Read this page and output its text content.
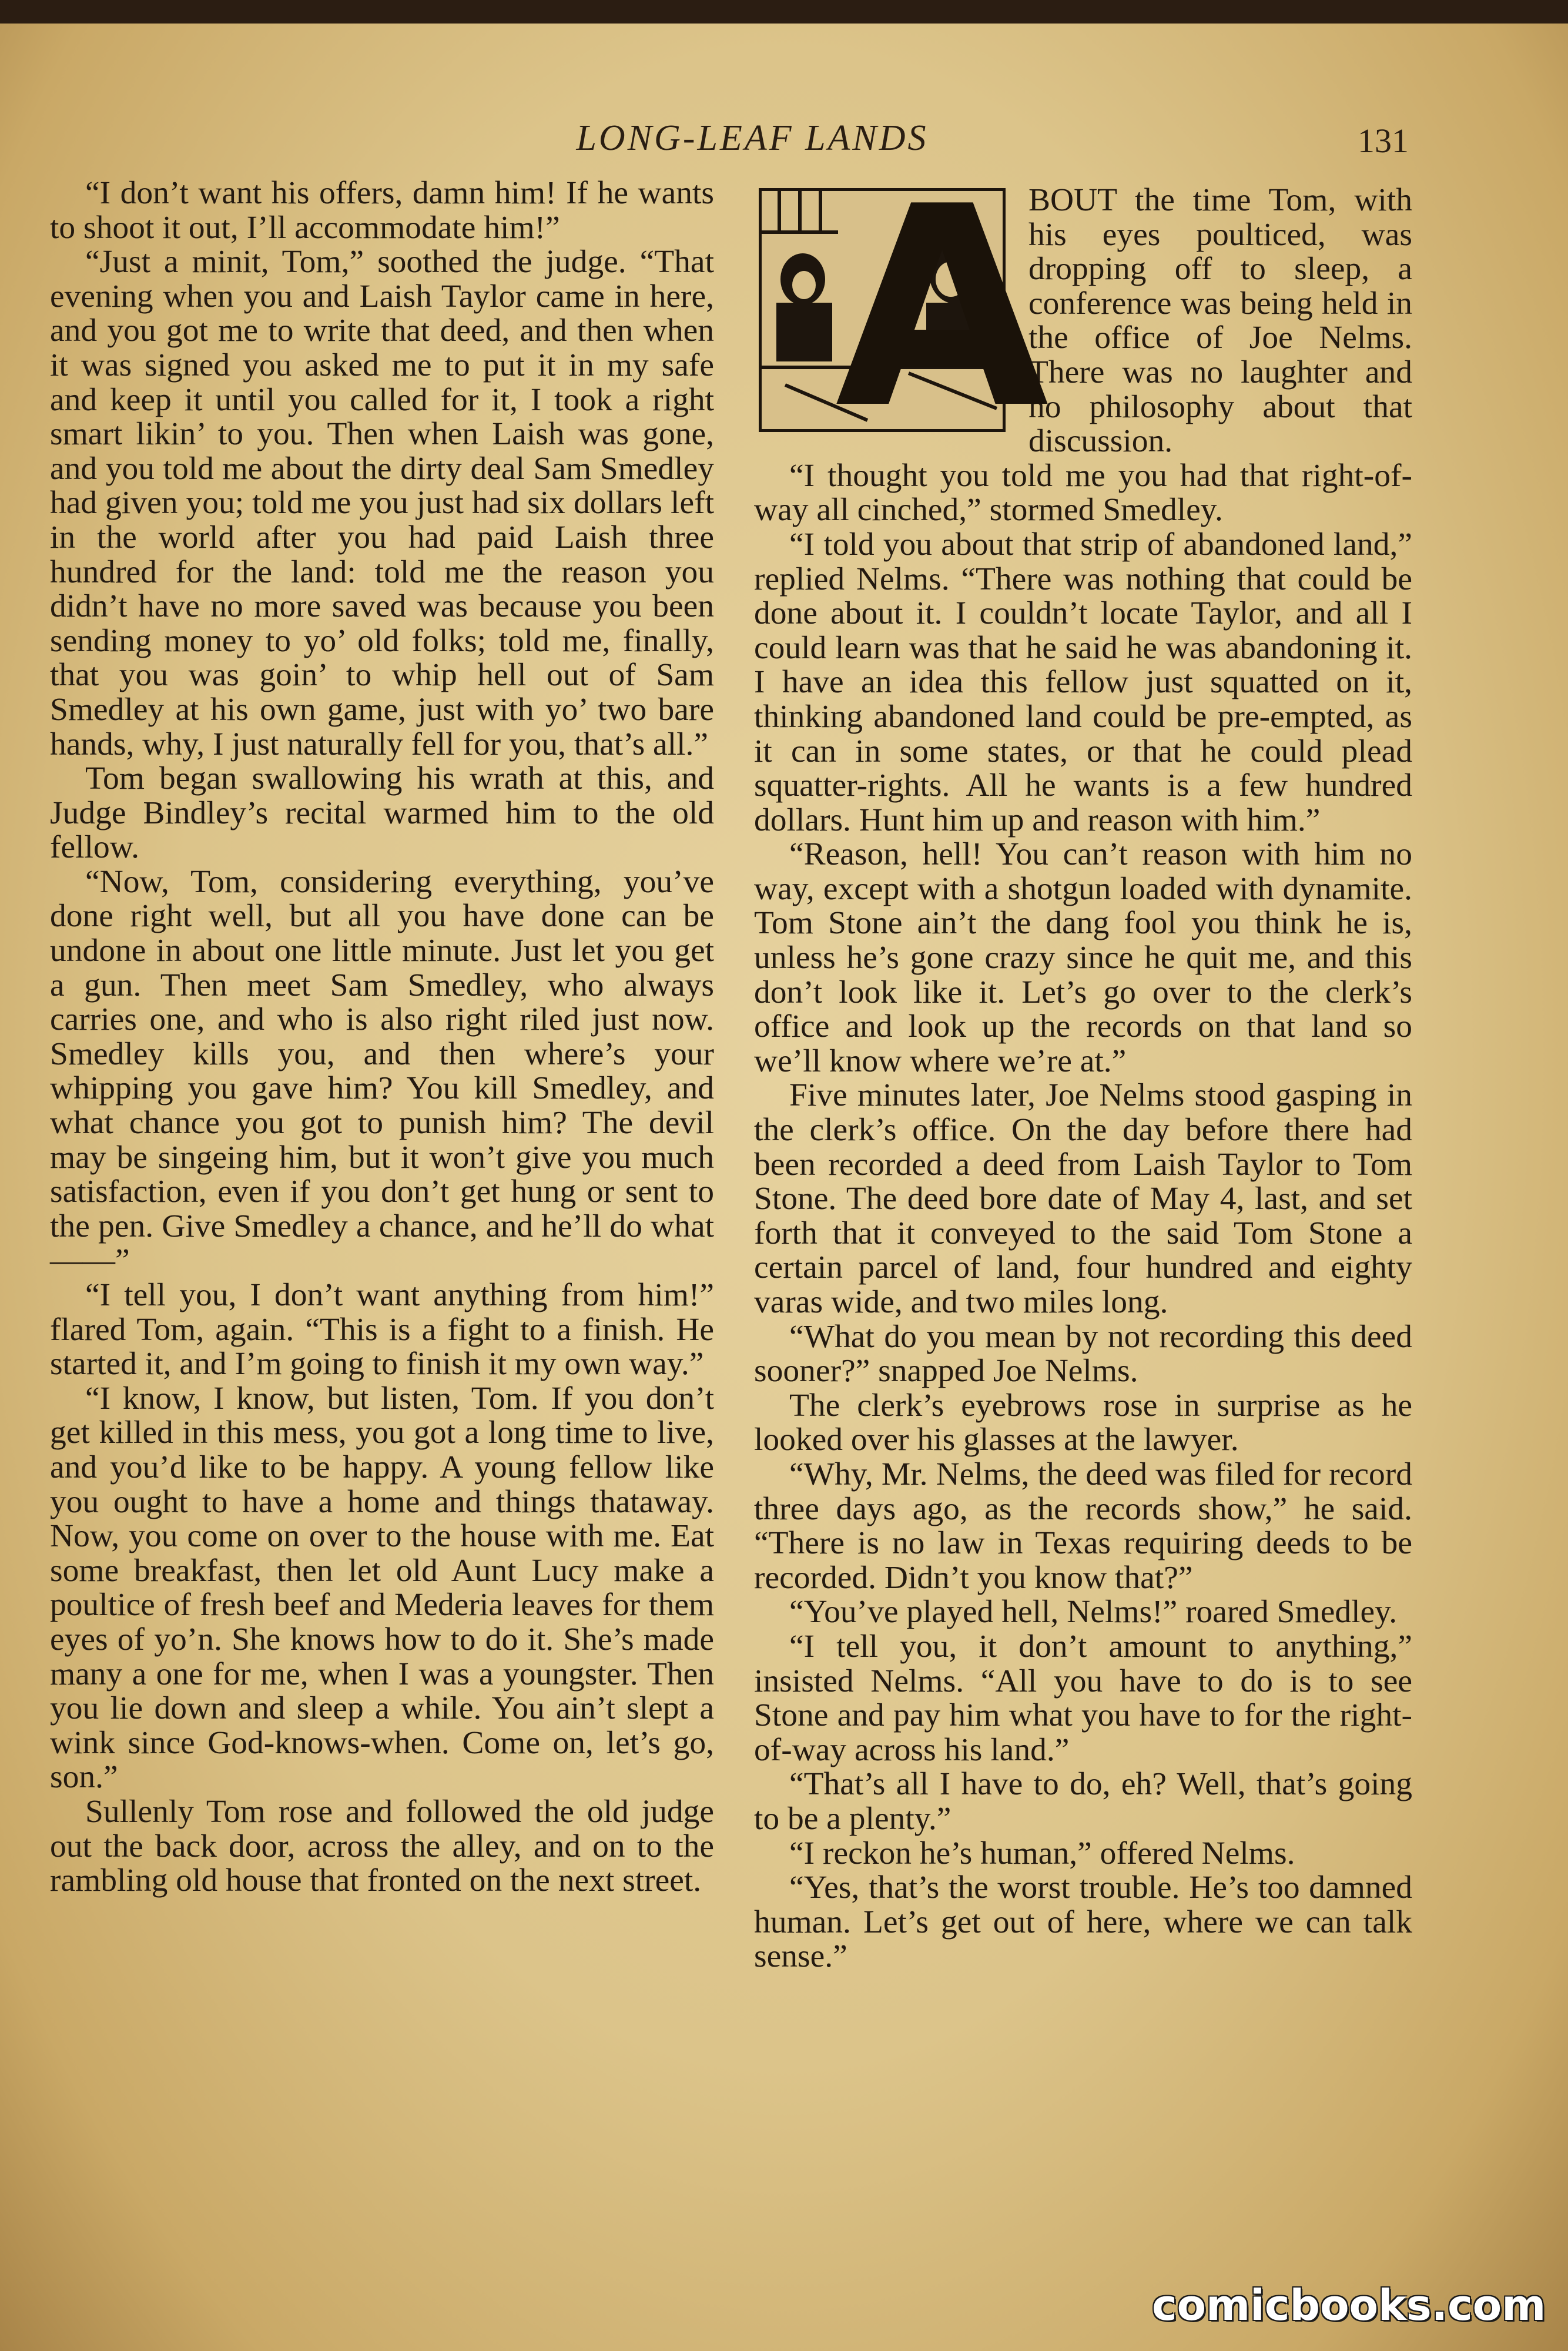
LONG-LEAF LANDS	131

“I don’t want his offers, damn him! If he wants to shoot it out, I’ll accommodate him!”

“Just a minit, Tom,” soothed the judge. “That evening when you and Laish Taylor came in here, and you got me to write that deed, and then when it was signed you asked me to put it in my safe and keep it until you called for it, I took a right smart likin’ to you. Then when Laish was gone, and you told me about the dirty deal Sam Smedley had given you; told me you just had six dollars left in the world after you had paid Laish three hundred for the land: told me the reason you didn’t have no more saved was because you been sending money to yo’ old folks; told me, finally, that you was goin’ to whip hell out of Sam Smedley at his own game, just with yo’ two bare hands, why, I just naturally fell for you, that’s all.”

Tom began swallowing his wrath at this, and Judge Bindley’s recital warmed him to the old fellow.

“Now, Tom, considering everything, you’ve done right well, but all you have done can be undone in about one little minute. Just let you get a gun. Then meet Sam Smedley, who always carries one, and who is also right riled just now. Smedley kills you, and then where’s your whipping you gave him? You kill Smedley, and what chance you got to punish him? The devil may be singeing him, but it won’t give you much satisfaction, even if you don’t get hung or sent to the pen. Give Smedley a chance, and he’ll do what——”

“I tell you, I don’t want anything from him!” flared Tom, again. “This is a fight to a finish. He started it, and I’m going to finish it my own way.”

“I know, I know, but listen, Tom. If you don’t get killed in this mess, you got a long time to live, and you’d like to be happy. A young fellow like you ought to have a home and things thataway. Now, you come on over to the house with me. Eat some breakfast, then let old Aunt Lucy make a poultice of fresh beef and Mederia leaves for them eyes of yo’n. She knows how to do it. She’s made many a one for me, when I was a youngster. Then you lie down and sleep a while. You ain’t slept a wink since God-knows-when. Come on, let’s go, son.”

Sullenly Tom rose and followed the old judge out the back door, across the alley, and on to the rambling old house that fronted on the next street.

A

BOUT the time Tom, with his eyes poulticed, was dropping off to sleep, a conference was being held in the office of Joe Nelms. There was no laughter and no philosophy about that discussion.

“I thought you told me you had that right-of-way all cinched,” stormed Smedley.

“I told you about that strip of abandoned land,” replied Nelms. “There was nothing that could be done about it. I couldn’t locate Taylor, and all I could learn was that he said he was abandoning it. I have an idea this fellow just squatted on it, thinking abandoned land could be pre-empted, as it can in some states, or that he could plead squatter-rights. All he wants is a few hundred dollars. Hunt him up and reason with him.”

“Reason, hell! You can’t reason with him no way, except with a shotgun loaded with dynamite. Tom Stone ain’t the dang fool you think he is, unless he’s gone crazy since he quit me, and this don’t look like it. Let’s go over to the clerk’s office and look up the records on that land so we’ll know where we’re at.”

Five minutes later, Joe Nelms stood gasping in the clerk’s office. On the day before there had been recorded a deed from Laish Taylor to Tom Stone. The deed bore date of May 4, last, and set forth that it conveyed to the said Tom Stone a certain parcel of land, four hundred and eighty varas wide, and two miles long.

“What do you mean by not recording this deed sooner?” snapped Joe Nelms.

The clerk’s eyebrows rose in surprise as he looked over his glasses at the lawyer.

“Why, Mr. Nelms, the deed was filed for record three days ago, as the records show,” he said. “There is no law in Texas requiring deeds to be recorded. Didn’t you know that?”

“You’ve played hell, Nelms!” roared Smedley.

“I tell you, it don’t amount to anything,” insisted Nelms. “All you have to do is to see Stone and pay him what you have to for the right-of-way across his land.”

“That’s all I have to do, eh? Well, that’s going to be a plenty.”

“I reckon he’s human,” offered Nelms.

“Yes, that’s the worst trouble. He’s too damned human. Let’s get out of here, where we can talk sense.”

comicbooks.com
